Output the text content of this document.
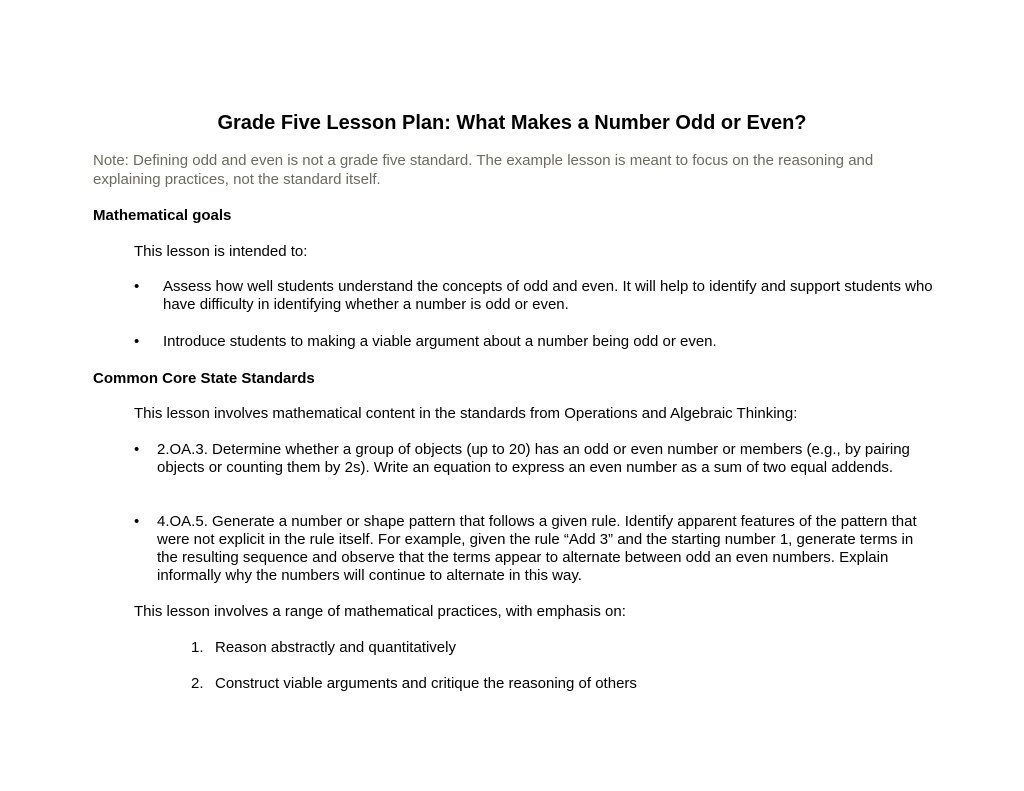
Grade Five Lesson Plan: What Makes a Number Odd or Even?
Note: Defining odd and even is not a grade five standard. The example lesson is meant to focus on the reasoning and explaining practices, not the standard itself.
Mathematical goals
This lesson is intended to:
•	Assess how well students understand the concepts of odd and even. It will help to identify and support students who have difficulty in identifying whether a number is odd or even.
•	Introduce students to making a viable argument about a number being odd or even.
Common Core State Standards
This lesson involves mathematical content in the standards from Operations and Algebraic Thinking:
•	2.OA.3. Determine whether a group of objects (up to 20) has an odd or even number or members (e.g., by pairing objects or counting them by 2s). Write an equation to express an even number as a sum of two equal addends.
•	4.OA.5. Generate a number or shape pattern that follows a given rule. Identify apparent features of the pattern that were not explicit in the rule itself. For example, given the rule “Add 3” and the starting number 1, generate terms in the resulting sequence and observe that the terms appear to alternate between odd an even numbers. Explain informally why the numbers will continue to alternate in this way.
This lesson involves a range of mathematical practices, with emphasis on:
1. Reason abstractly and quantitatively
2. Construct viable arguments and critique the reasoning of others
